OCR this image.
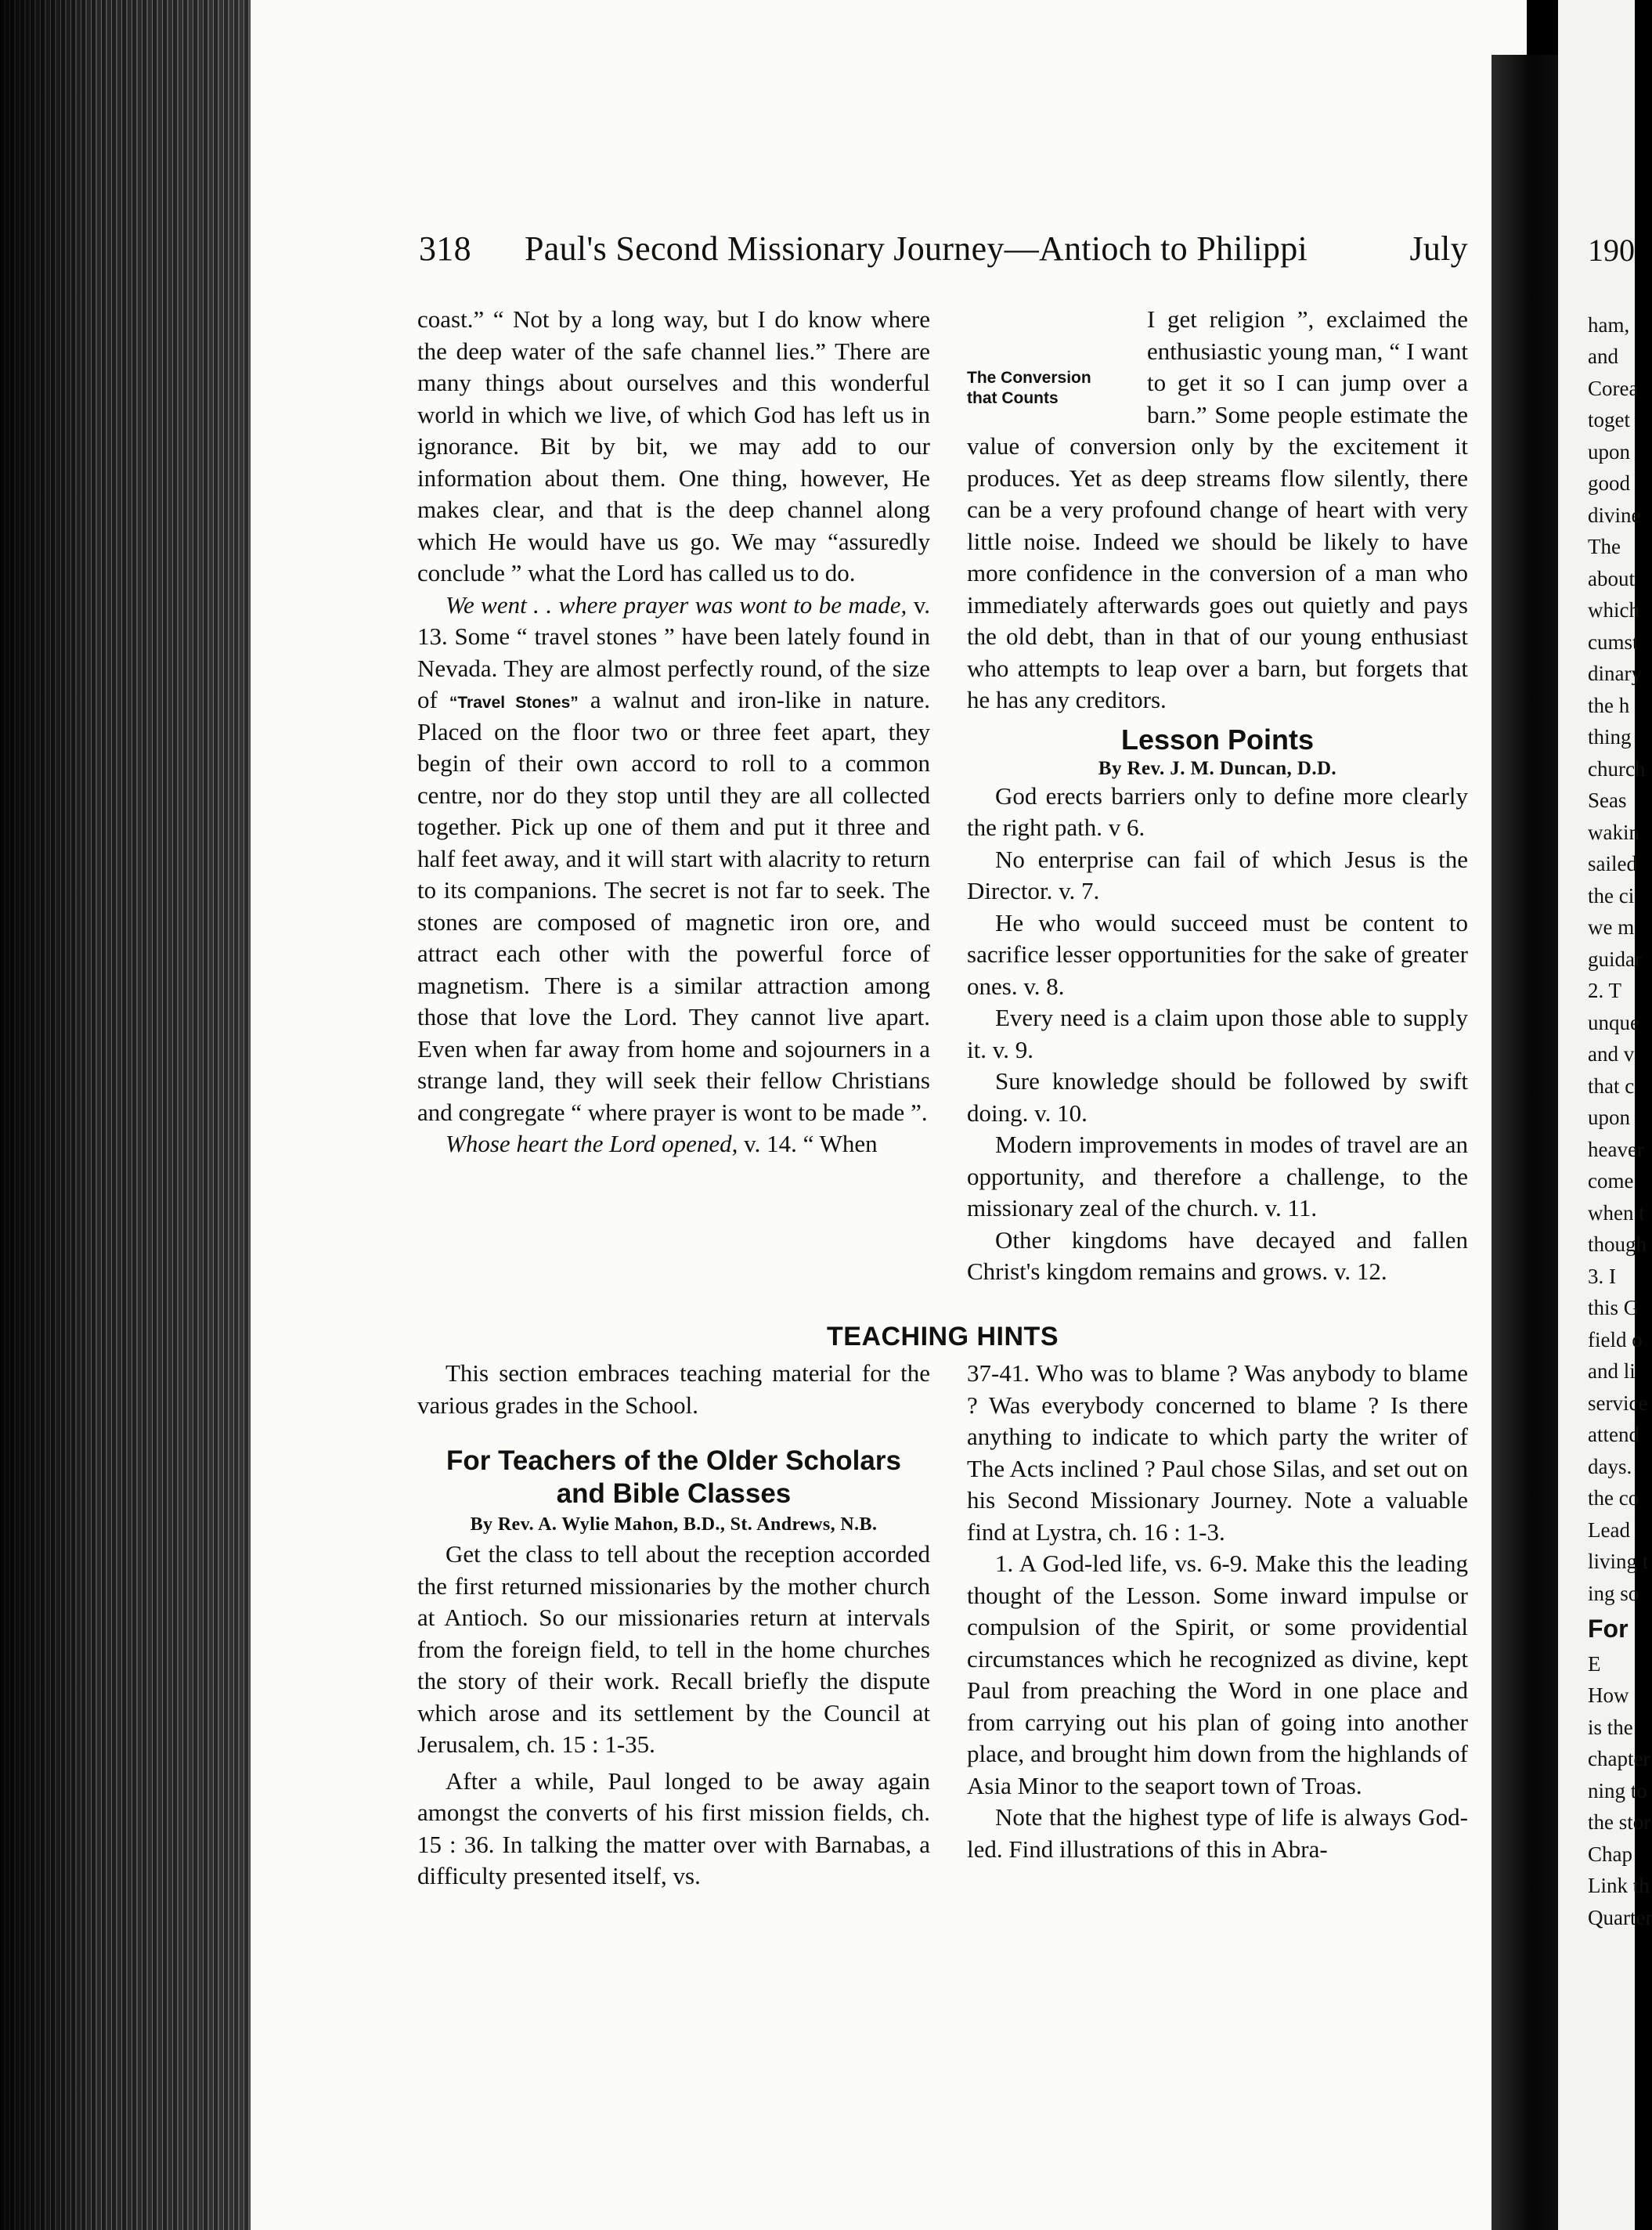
318 Paul's Second Missionary Journey—Antioch to Philippi	July

coast.” “ Not by a long way, but I do know where the deep water of the safe channel lies.” There are many things about ourselves and this wonderful world in which we live, of which God has left us in ignorance. Bit by bit, we may add to our information about them. One thing, however, He makes clear, and that is the deep channel along which He would have us go. We may “assuredly conclude ” what the Lord has called us to do.

We went . . where prayer was wont to be made, v. 13. Some “ travel stones ” have been lately found in Nevada. They are almost perfectly round, of the size of “Travel Stones” a walnut and iron-like in nature. Placed on the floor two or three feet apart, they begin of their own accord to roll to a common centre, nor do they stop until they are all collected together. Pick up one of them and put it three and half feet away, and it will start with alacrity to return to its companions. The secret is not far to seek. The stones are composed of magnetic iron ore, and attract each other with the powerful force of magnetism. There is a similar attraction among those that love the Lord. They cannot live apart. Even when far away from home and sojourners in a strange land, they will seek their fellow Christians and congregate “ where prayer is wont to be made ”.

Whose heart the Lord opened, v. 14. “ When

The Conversion
that Counts

I get religion ”, exclaimed the enthusiastic young man, “ I want to get it so I can jump over a barn.” Some people estimate the value of conversion only by the excitement it produces. Yet as deep streams flow silently, there can be a very profound change of heart with very little noise. Indeed we should be likely to have more confidence in the conversion of a man who immediately afterwards goes out quietly and pays the old debt, than in that of our young enthusiast who attempts to leap over a barn, but forgets that he has any creditors.

Lesson Points
By Rev. J. M. Duncan, D.D.

God erects barriers only to define more clearly the right path. v 6.

No enterprise can fail of which Jesus is the Director. v. 7.

He who would succeed must be content to sacrifice lesser opportunities for the sake of greater ones. v. 8.

Every need is a claim upon those able to supply it. v. 9.

Sure knowledge should be followed by swift doing. v. 10.

Modern improvements in modes of travel are an opportunity, and therefore a challenge, to the missionary zeal of the church. v. 11.

Other kingdoms have decayed and fallen Christ's kingdom remains and grows. v. 12.

TEACHING HINTS

This section embraces teaching material for the various grades in the School.

For Teachers of the Older Scholars
and Bible Classes
By Rev. A. Wylie Mahon, B.D., St. Andrews, N.B.

Get the class to tell about the reception accorded the first returned missionaries by the mother church at Antioch. So our missionaries return at intervals from the foreign field, to tell in the home churches the story of their work. Recall briefly the dispute which arose and its settlement by the Council at Jerusalem, ch. 15 : 1-35.

After a while, Paul longed to be away again amongst the converts of his first mission fields, ch. 15 : 36. In talking the matter over with Barnabas, a difficulty presented itself, vs.

37-41. Who was to blame ? Was anybody to blame ? Was everybody concerned to blame ? Is there anything to indicate to which party the writer of The Acts inclined ? Paul chose Silas, and set out on his Second Missionary Journey. Note a valuable find at Lystra, ch. 16 : 1-3.

1. A God-led life, vs. 6-9. Make this the leading thought of the Lesson. Some inward impulse or compulsion of the Spirit, or some providential circumstances which he recognized as divine, kept Paul from preaching the Word in one place and from carrying out his plan of going into another place, and brought him down from the highlands of Asia Minor to the seaport town of Troas.

Note that the highest type of life is always God-led. Find illustrations of this in Abra-

190
ham,
and
Corea
toget
upon
good
divine
The
about
which
cumst
dinary
the h
thing
church
Seas
wakin
sailed
the ci
we m
guidar
2. T
unque
and v
that c
upon
heaver
come
when t
though
3. I
this G
field o
and li
service
attend
days.
the co
Lead
living t
ing so
For
E
How
is the
chapter
ning to
the stor
Chap
Link th
Quarter
